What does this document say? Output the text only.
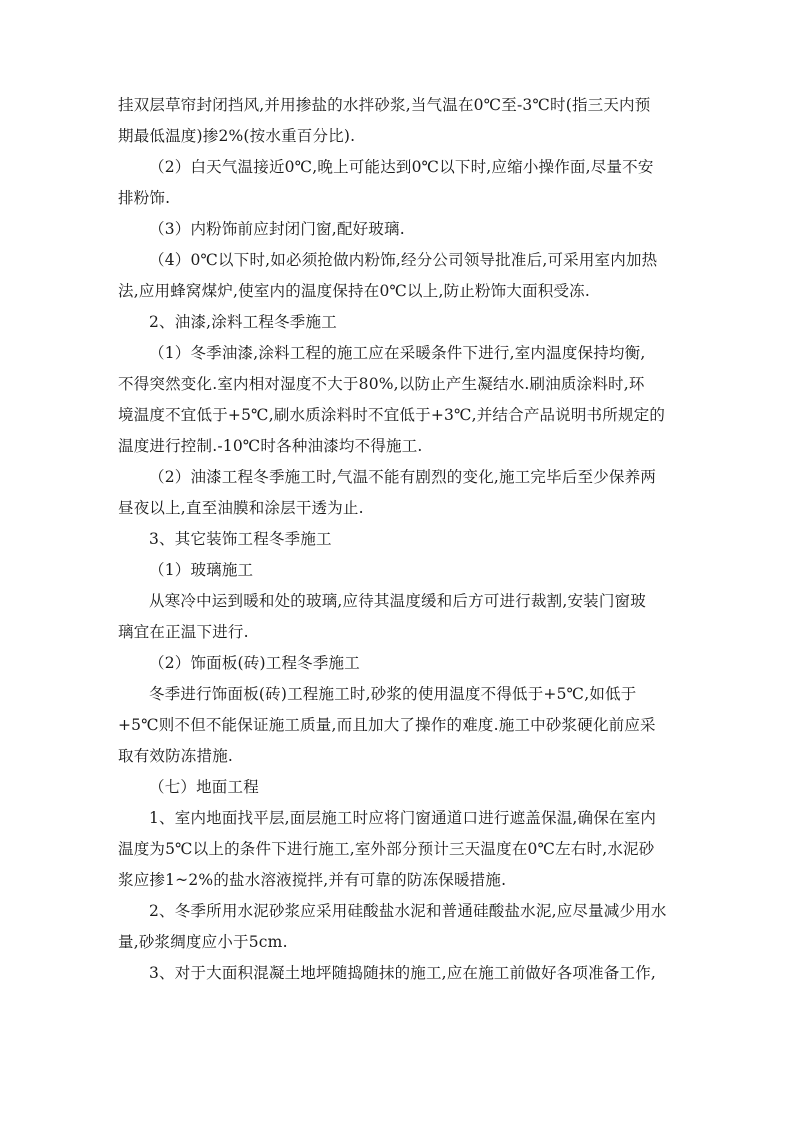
挂双层草帘封闭挡风,并用掺盐的水拌砂浆,当气温在0℃至-3℃时(指三天内预
期最低温度)掺2%(按水重百分比).
（2）白天气温接近0℃,晚上可能达到0℃以下时,应缩小操作面,尽量不安
排粉饰.
（3）内粉饰前应封闭门窗,配好玻璃.
（4）0℃以下时,如必须抢做内粉饰,经分公司领导批准后,可采用室内加热
法,应用蜂窝煤炉,使室内的温度保持在0℃以上,防止粉饰大面积受冻.
2、油漆,涂料工程冬季施工
（1）冬季油漆,涂料工程的施工应在采暖条件下进行,室内温度保持均衡,
不得突然变化.室内相对湿度不大于80%,以防止产生凝结水.刷油质涂料时,环
境温度不宜低于+5℃,刷水质涂料时不宜低于+3℃,并结合产品说明书所规定的
温度进行控制.-10℃时各种油漆均不得施工.
（2）油漆工程冬季施工时,气温不能有剧烈的变化,施工完毕后至少保养两
昼夜以上,直至油膜和涂层干透为止.
3、其它装饰工程冬季施工
（1）玻璃施工
从寒冷中运到暖和处的玻璃,应待其温度缓和后方可进行裁割,安装门窗玻
璃宜在正温下进行.
（2）饰面板(砖)工程冬季施工
冬季进行饰面板(砖)工程施工时,砂浆的使用温度不得低于+5℃,如低于
+5℃则不但不能保证施工质量,而且加大了操作的难度.施工中砂浆硬化前应采
取有效防冻措施.
（七）地面工程
1、室内地面找平层,面层施工时应将门窗通道口进行遮盖保温,确保在室内
温度为5℃以上的条件下进行施工,室外部分预计三天温度在0℃左右时,水泥砂
浆应掺1~2%的盐水溶液搅拌,并有可靠的防冻保暖措施.
2、冬季所用水泥砂浆应采用硅酸盐水泥和普通硅酸盐水泥,应尽量减少用水
量,砂浆绸度应小于5cm.
3、对于大面积混凝土地坪随捣随抹的施工,应在施工前做好各项准备工作,
